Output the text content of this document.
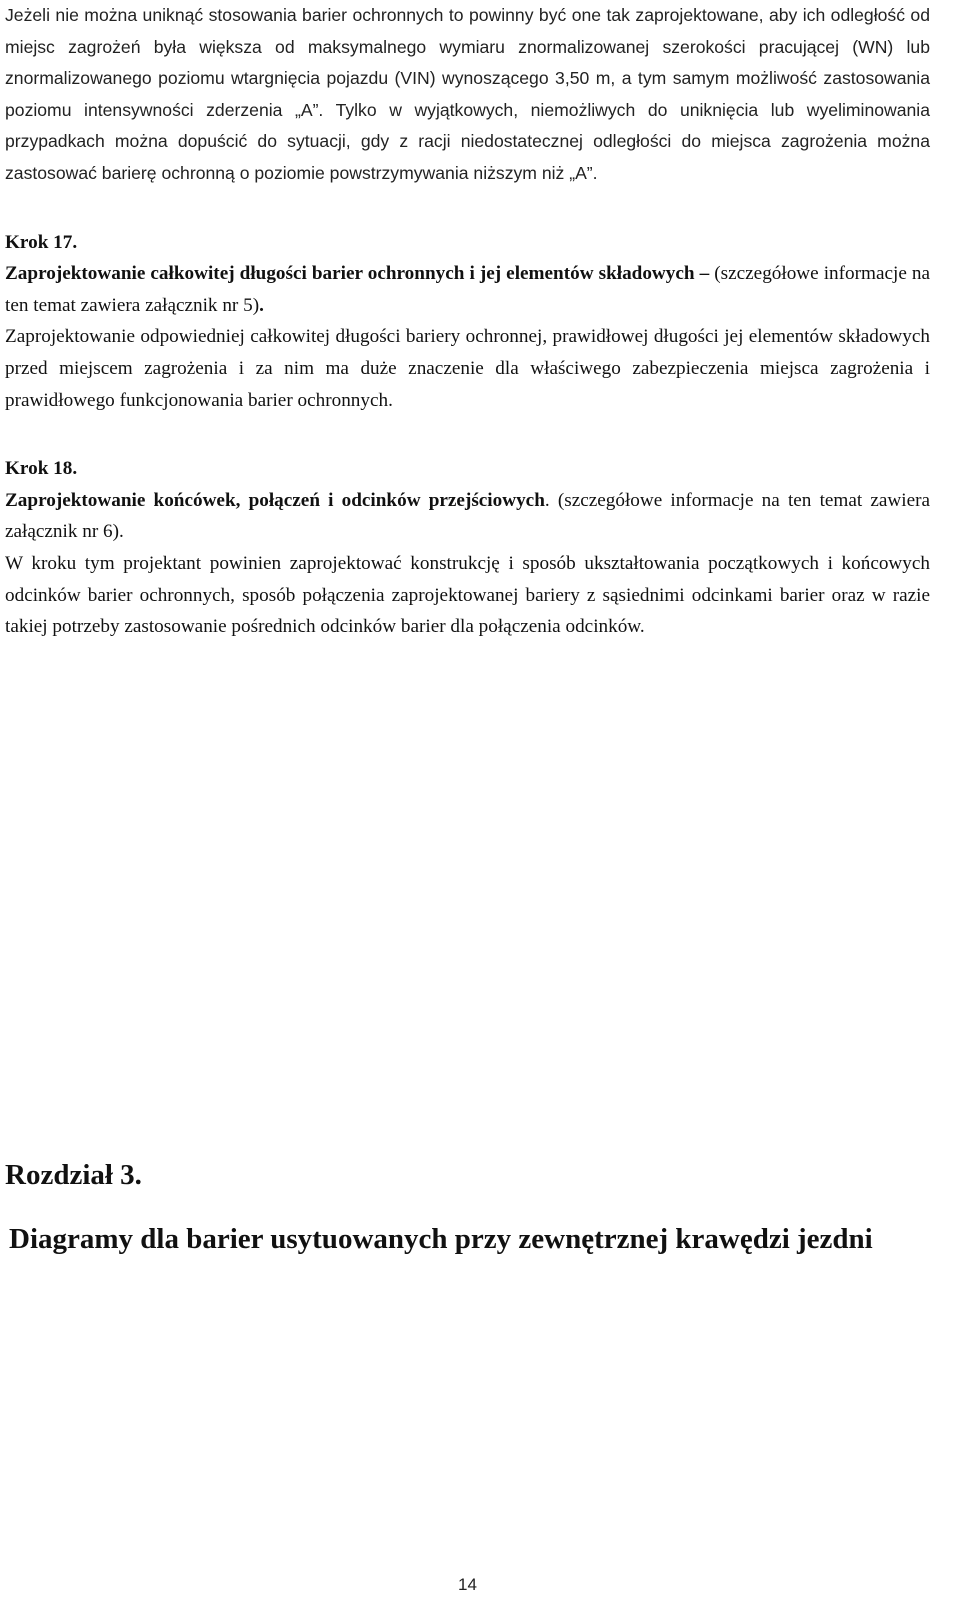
Jeżeli nie można uniknąć stosowania barier ochronnych to powinny być one tak zaprojektowane, aby ich odległość od miejsc zagrożeń była większa od maksymalnego wymiaru znormalizowanej szerokości pracującej (WN) lub znormalizowanego poziomu wtargnięcia pojazdu (VIN) wynoszącego 3,50 m, a tym samym możliwość zastosowania poziomu intensywności zderzenia „A”. Tylko w wyjątkowych, niemożliwych do uniknięcia lub wyeliminowania przypadkach można dopuścić do sytuacji, gdy z racji niedostatecznej odległości do miejsca zagrożenia można zastosować barierę ochronną o poziomie powstrzymywania niższym niż „A”.

Krok 17.

Zaprojektowanie całkowitej długości barier ochronnych i jej elementów składowych – (szczegółowe informacje na ten temat zawiera załącznik nr 5).

Zaprojektowanie odpowiedniej całkowitej długości bariery ochronnej, prawidłowej długości jej elementów składowych przed miejscem zagrożenia i za nim ma duże znaczenie dla właściwego zabezpieczenia miejsca zagrożenia i prawidłowego funkcjonowania barier ochronnych.

Krok 18.

Zaprojektowanie końcówek, połączeń i odcinków przejściowych. (szczegółowe informacje na ten temat zawiera załącznik nr 6).

W kroku tym projektant powinien zaprojektować konstrukcję i sposób ukształtowania początkowych i końcowych odcinków barier ochronnych, sposób połączenia zaprojektowanej bariery z sąsiednimi odcinkami barier oraz w razie takiej potrzeby zastosowanie pośrednich odcinków barier dla połączenia odcinków.

Rozdział 3.

Diagramy dla barier usytuowanych przy zewnętrznej krawędzi jezdni

14
